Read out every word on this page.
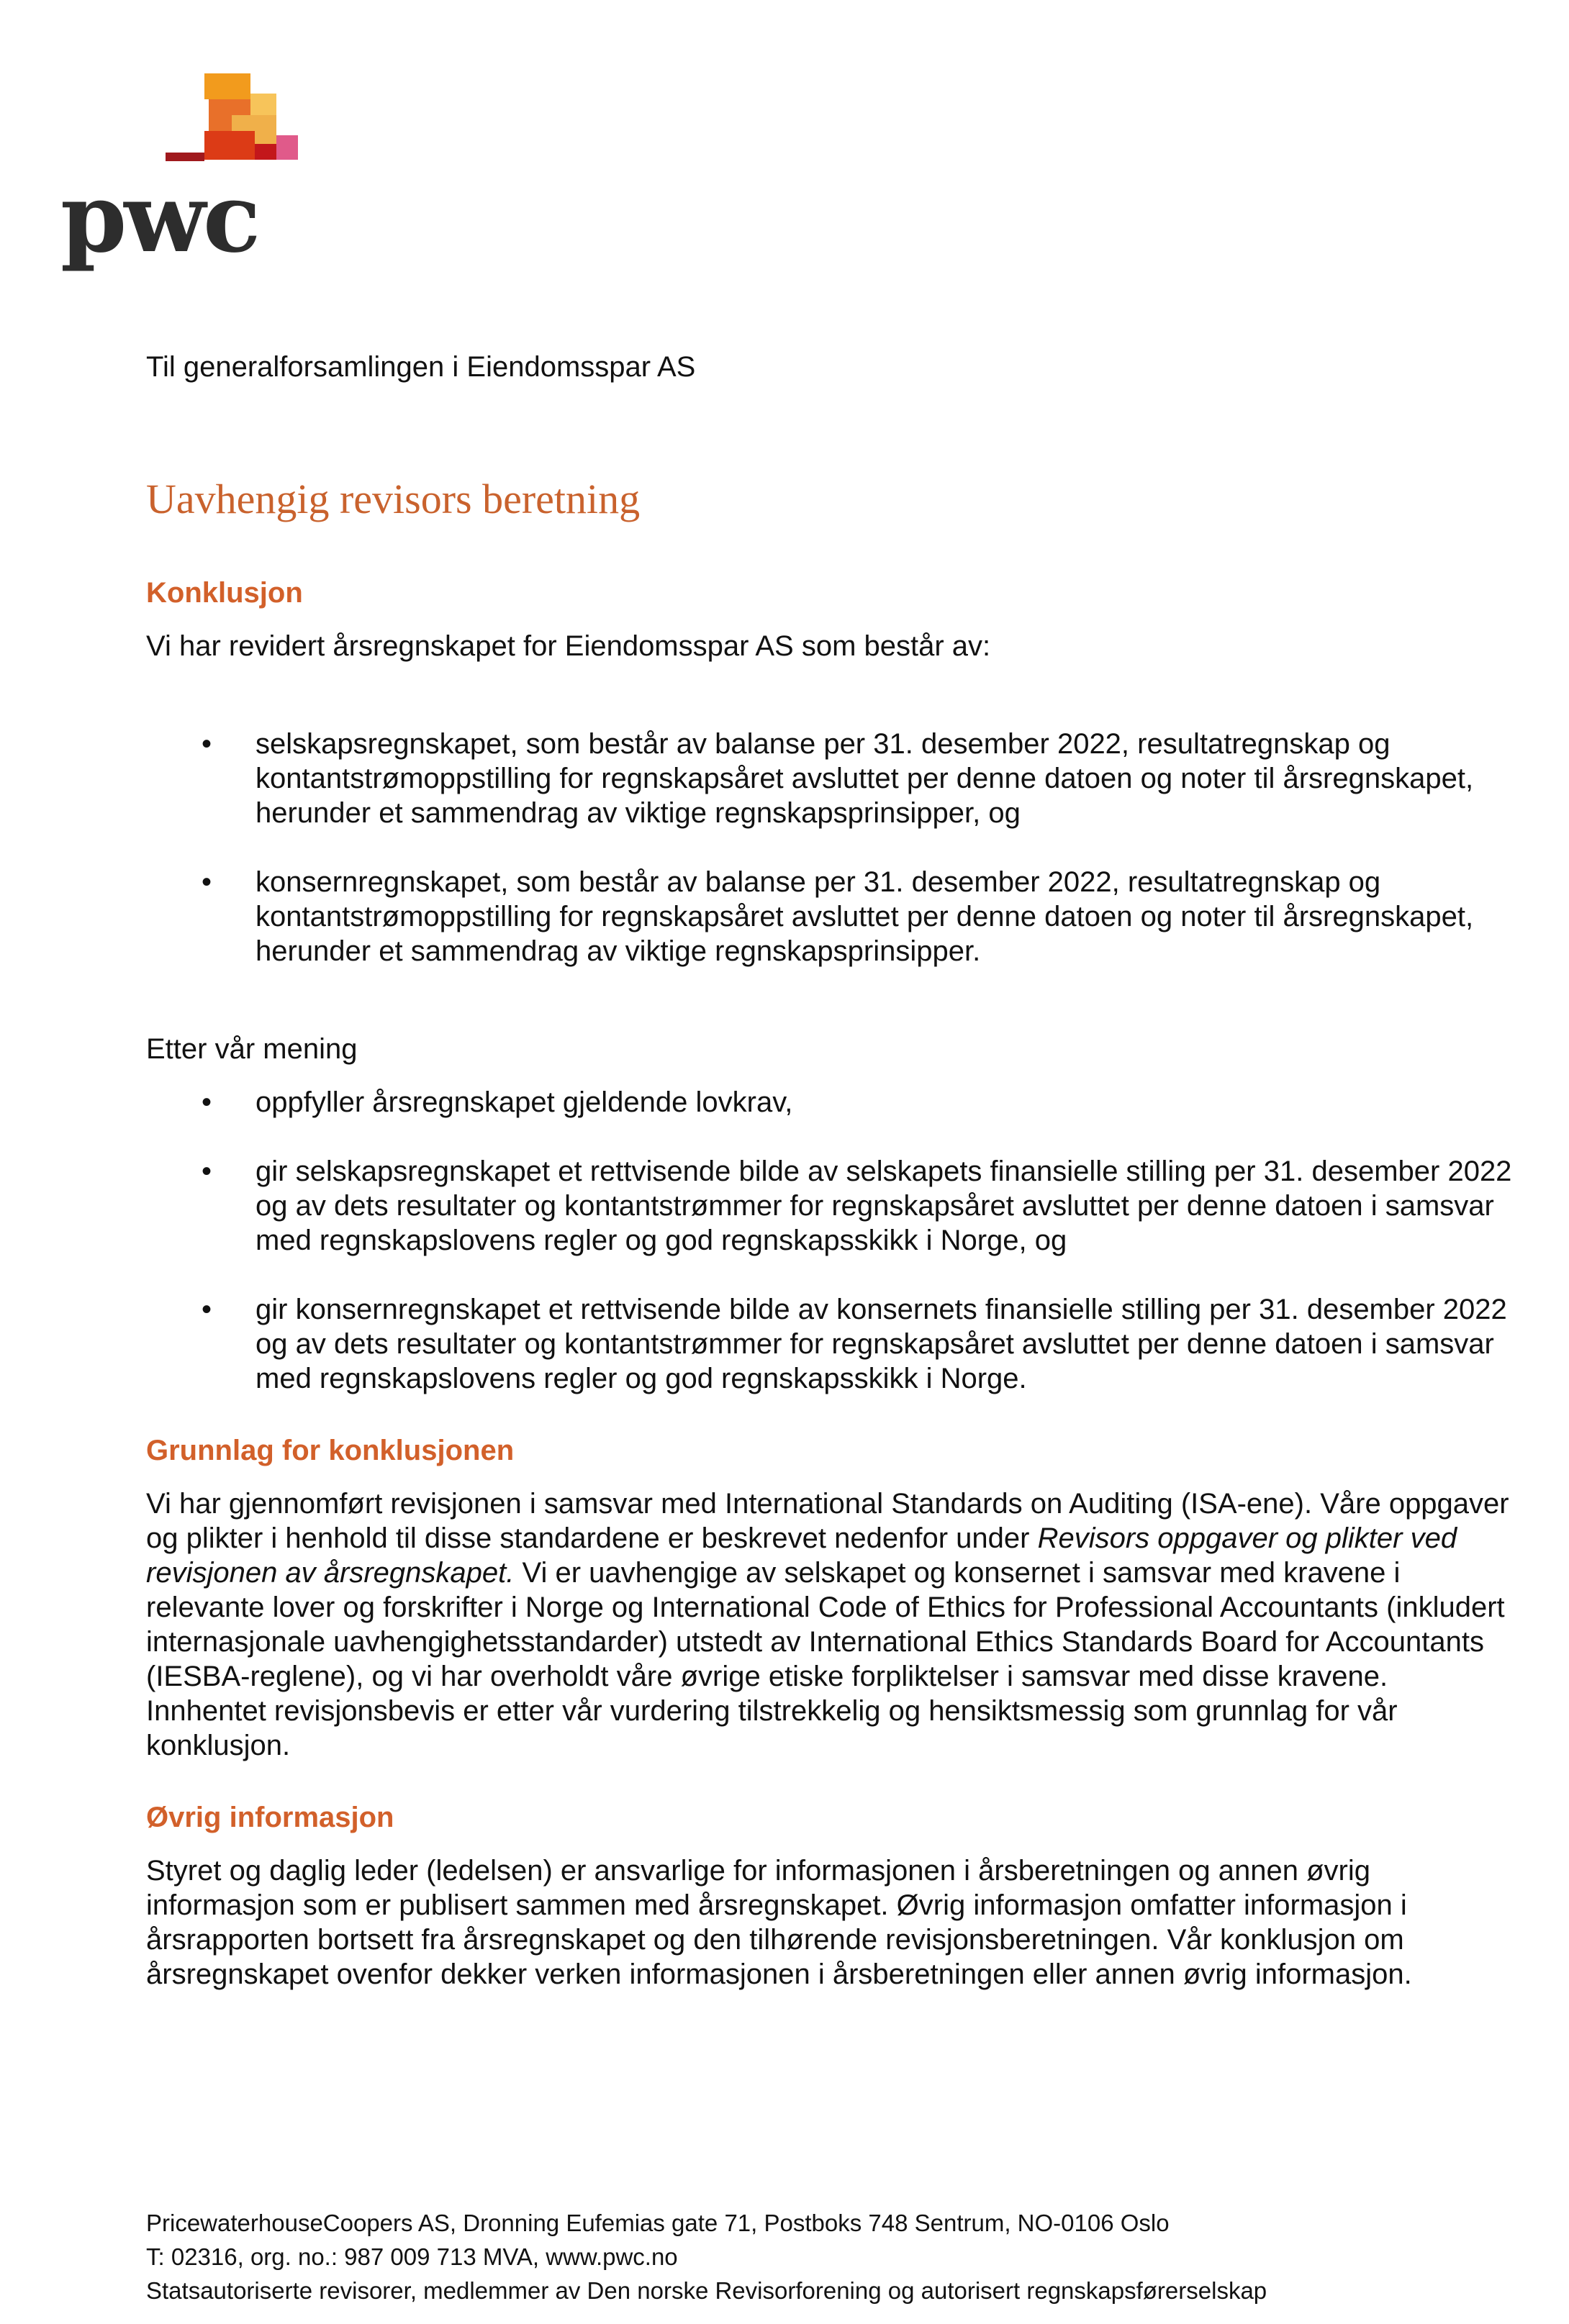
pwc
Til generalforsamlingen i Eiendomsspar AS
Uavhengig revisors beretning
Konklusjon

Vi har revidert årsregnskapet for Eiendomsspar AS som består av:

• selskapsregnskapet, som består av balanse per 31. desember 2022, resultatregnskap og kontantstrømoppstilling for regnskapsåret avsluttet per denne datoen og noter til årsregnskapet, herunder et sammendrag av viktige regnskapsprinsipper, og
• konsernregnskapet, som består av balanse per 31. desember 2022, resultatregnskap og kontantstrømoppstilling for regnskapsåret avsluttet per denne datoen og noter til årsregnskapet, herunder et sammendrag av viktige regnskapsprinsipper.

Etter vår mening

• oppfyller årsregnskapet gjeldende lovkrav,
• gir selskapsregnskapet et rettvisende bilde av selskapets finansielle stilling per 31. desember 2022 og av dets resultater og kontantstrømmer for regnskapsåret avsluttet per denne datoen i samsvar med regnskapslovens regler og god regnskapsskikk i Norge, og
• gir konsernregnskapet et rettvisende bilde av konsernets finansielle stilling per 31. desember 2022 og av dets resultater og kontantstrømmer for regnskapsåret avsluttet per denne datoen i samsvar med regnskapslovens regler og god regnskapsskikk i Norge.
Grunnlag for konklusjonen

Vi har gjennomført revisjonen i samsvar med International Standards on Auditing (ISA-ene). Våre oppgaver og plikter i henhold til disse standardene er beskrevet nedenfor under Revisors oppgaver og plikter ved revisjonen av årsregnskapet. Vi er uavhengige av selskapet og konsernet i samsvar med kravene i relevante lover og forskrifter i Norge og International Code of Ethics for Professional Accountants (inkludert internasjonale uavhengighetsstandarder) utstedt av International Ethics Standards Board for Accountants (IESBA-reglene), og vi har overholdt våre øvrige etiske forpliktelser i samsvar med disse kravene. Innhentet revisjonsbevis er etter vår vurdering tilstrekkelig og hensiktsmessig som grunnlag for vår konklusjon.

Øvrig informasjon

Styret og daglig leder (ledelsen) er ansvarlige for informasjonen i årsberetningen og annen øvrig informasjon som er publisert sammen med årsregnskapet. Øvrig informasjon omfatter informasjon i årsrapporten bortsett fra årsregnskapet og den tilhørende revisjonsberetningen. Vår konklusjon om årsregnskapet ovenfor dekker verken informasjonen i årsberetningen eller annen øvrig informasjon.

PricewaterhouseCoopers AS, Dronning Eufemias gate 71, Postboks 748 Sentrum, NO-0106 Oslo
T: 02316, org. no.: 987 009 713 MVA, www.pwc.no
Statsautoriserte revisorer, medlemmer av Den norske Revisorforening og autorisert regnskapsførerselskap
